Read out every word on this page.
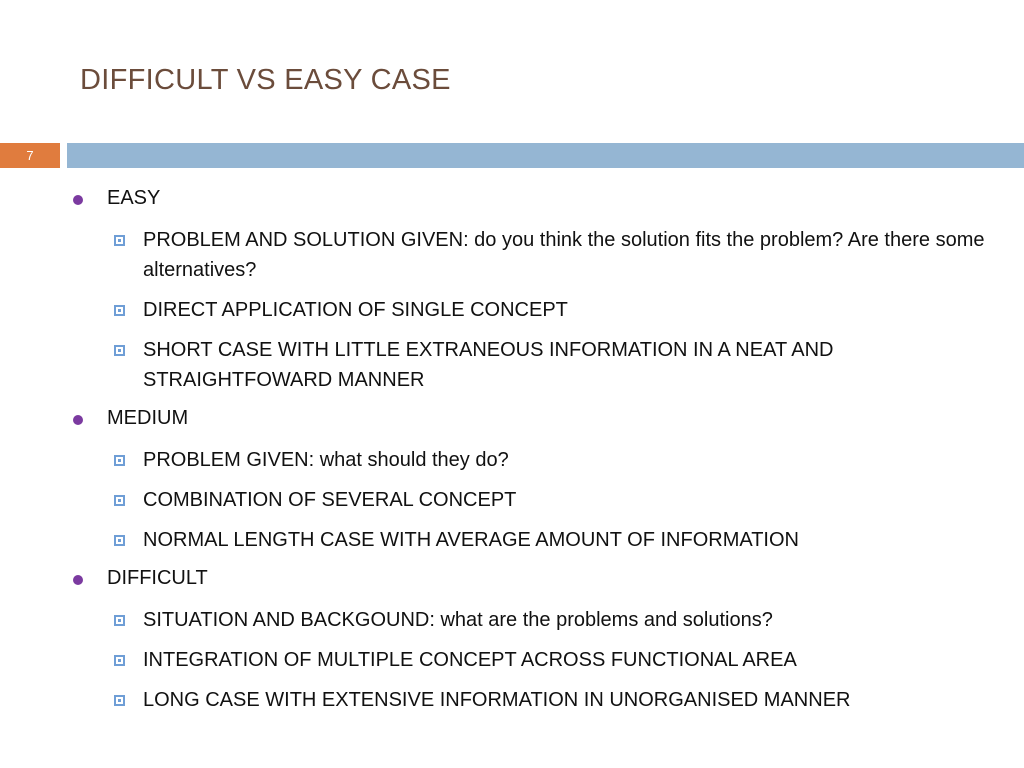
DIFFICULT VS EASY CASE
7
EASY
PROBLEM AND SOLUTION GIVEN: do you think the solution fits the problem? Are there some alternatives?
DIRECT APPLICATION OF SINGLE CONCEPT
SHORT CASE WITH LITTLE EXTRANEOUS INFORMATION IN A NEAT AND STRAIGHTFOWARD MANNER
MEDIUM
PROBLEM GIVEN: what should they do?
COMBINATION OF SEVERAL CONCEPT
NORMAL LENGTH CASE WITH AVERAGE AMOUNT OF INFORMATION
DIFFICULT
SITUATION AND BACKGOUND: what are the problems and solutions?
INTEGRATION OF MULTIPLE CONCEPT ACROSS FUNCTIONAL AREA
LONG CASE WITH EXTENSIVE INFORMATION IN UNORGANISED MANNER
